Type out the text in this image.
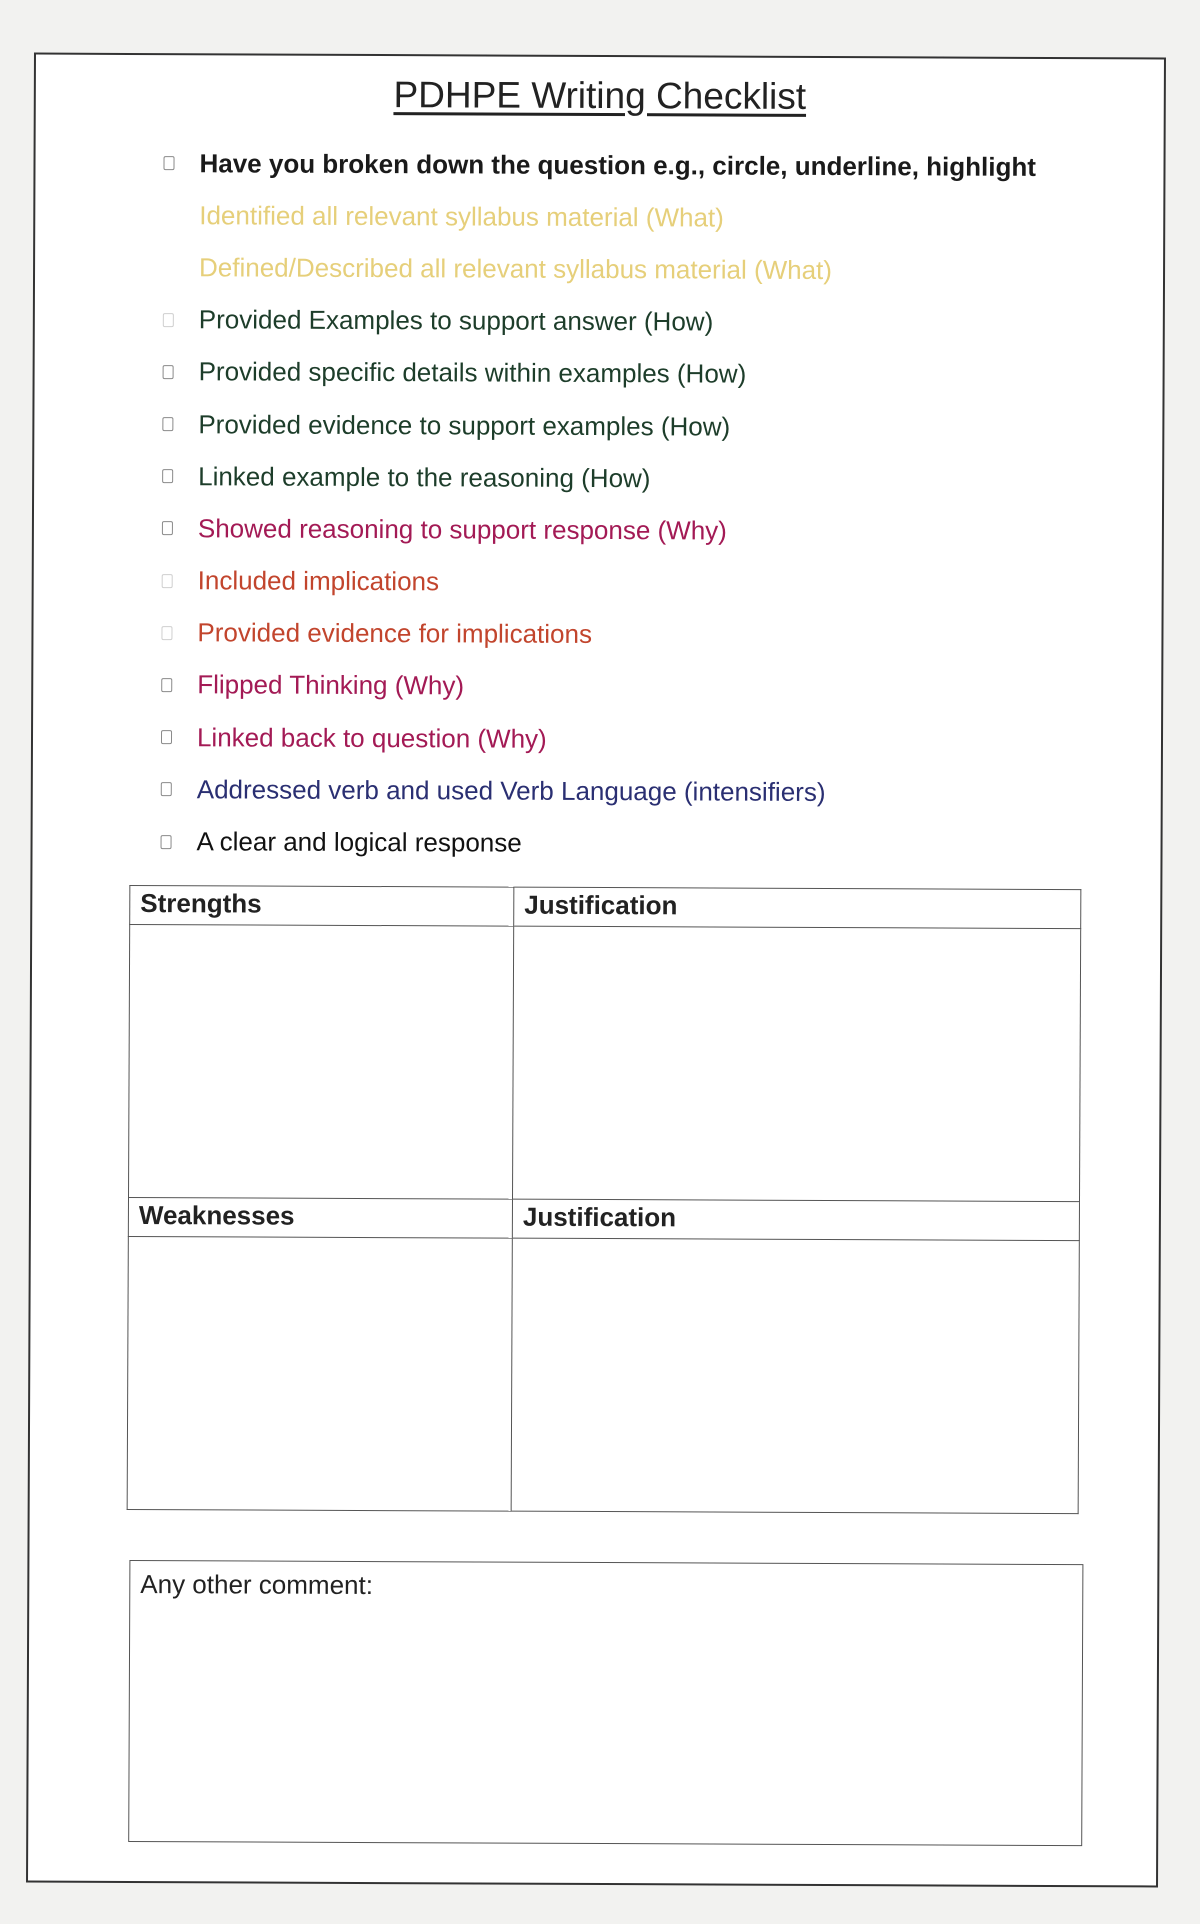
PDHPE Writing Checklist
Have you broken down the question e.g., circle, underline, highlight
Identified all relevant syllabus material (What)
Defined/Described all relevant syllabus material (What)
Provided Examples to support answer (How)
Provided specific details within examples (How)
Provided evidence to support examples (How)
Linked example to the reasoning (How)
Showed reasoning to support response (Why)
Included implications
Provided evidence for implications
Flipped Thinking (Why)
Linked back to question (Why)
Addressed verb and used Verb Language (intensifiers)
A clear and logical response
Strengths	Justification

Weaknesses	Justification

Any other comment:
